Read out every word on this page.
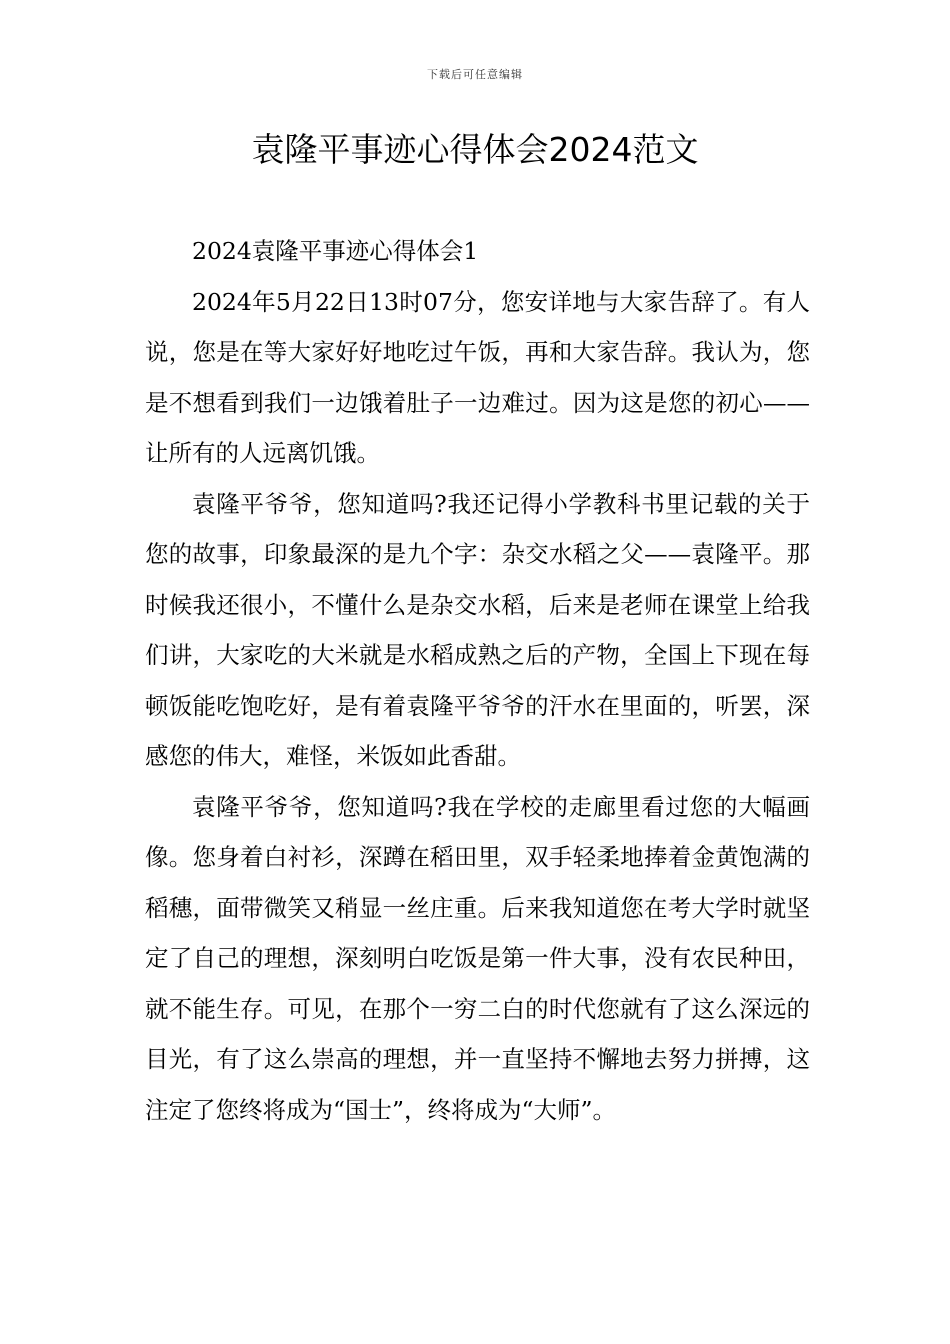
下载后可任意编辑
袁隆平事迹心得体会2024范文

2024袁隆平事迹心得体会1

2024年5月22日13时07分，您安详地与大家告辞了。有人说，您是在等大家好好地吃过午饭，再和大家告辞。我认为，您是不想看到我们一边饿着肚子一边难过。因为这是您的初心——让所有的人远离饥饿。

袁隆平爷爷，您知道吗?我还记得小学教科书里记载的关于您的故事，印象最深的是九个字：杂交水稻之父——袁隆平。那时候我还很小，不懂什么是杂交水稻，后来是老师在课堂上给我们讲，大家吃的大米就是水稻成熟之后的产物，全国上下现在每顿饭能吃饱吃好，是有着袁隆平爷爷的汗水在里面的，听罢，深感您的伟大，难怪，米饭如此香甜。

袁隆平爷爷，您知道吗?我在学校的走廊里看过您的大幅画像。您身着白衬衫，深蹲在稻田里，双手轻柔地捧着金黄饱满的稻穗，面带微笑又稍显一丝庄重。后来我知道您在考大学时就坚定了自己的理想，深刻明白吃饭是第一件大事，没有农民种田，就不能生存。可见，在那个一穷二白的时代您就有了这么深远的目光，有了这么崇高的理想，并一直坚持不懈地去努力拼搏，这注定了您终将成为“国士”，终将成为“大师”。
